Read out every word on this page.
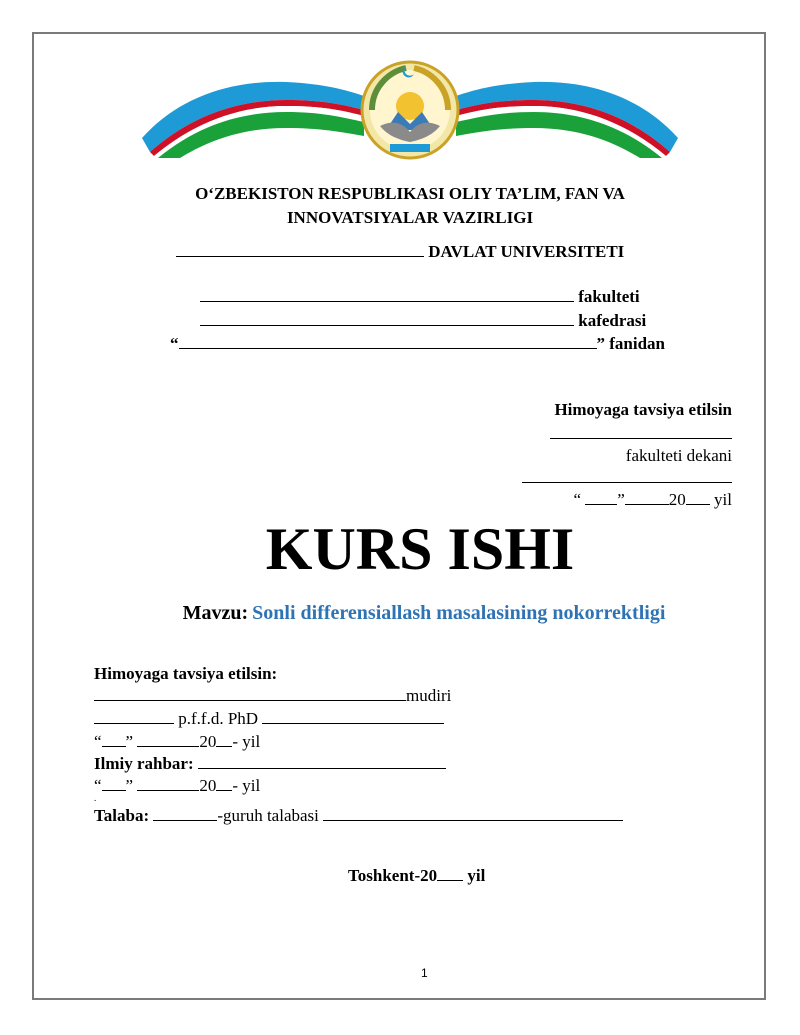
O‘ZBEKISTON RESPUBLIKASI OLIY TA’LIM, FAN VA
INNOVATSIYALAR VAZIRLIGI
DAVLAT UNIVERSITETI
fakulteti
kafedrasi
“	” fanidan
Himoyaga tavsiya etilsin
fakulteti dekani
“ ”	20 yil
KURS ISHI
Mavzu: Sonli differensiallash masalasining nokorrektligi
Himoyaga tavsiya etilsin:
mudiri
p.f.f.d. PhD
“ ”	20 - yil
Ilmiy rahbar:
“ ”	20 - yil
.
Talaba:	-guruh talabasi
Toshkent-20 yil
1
